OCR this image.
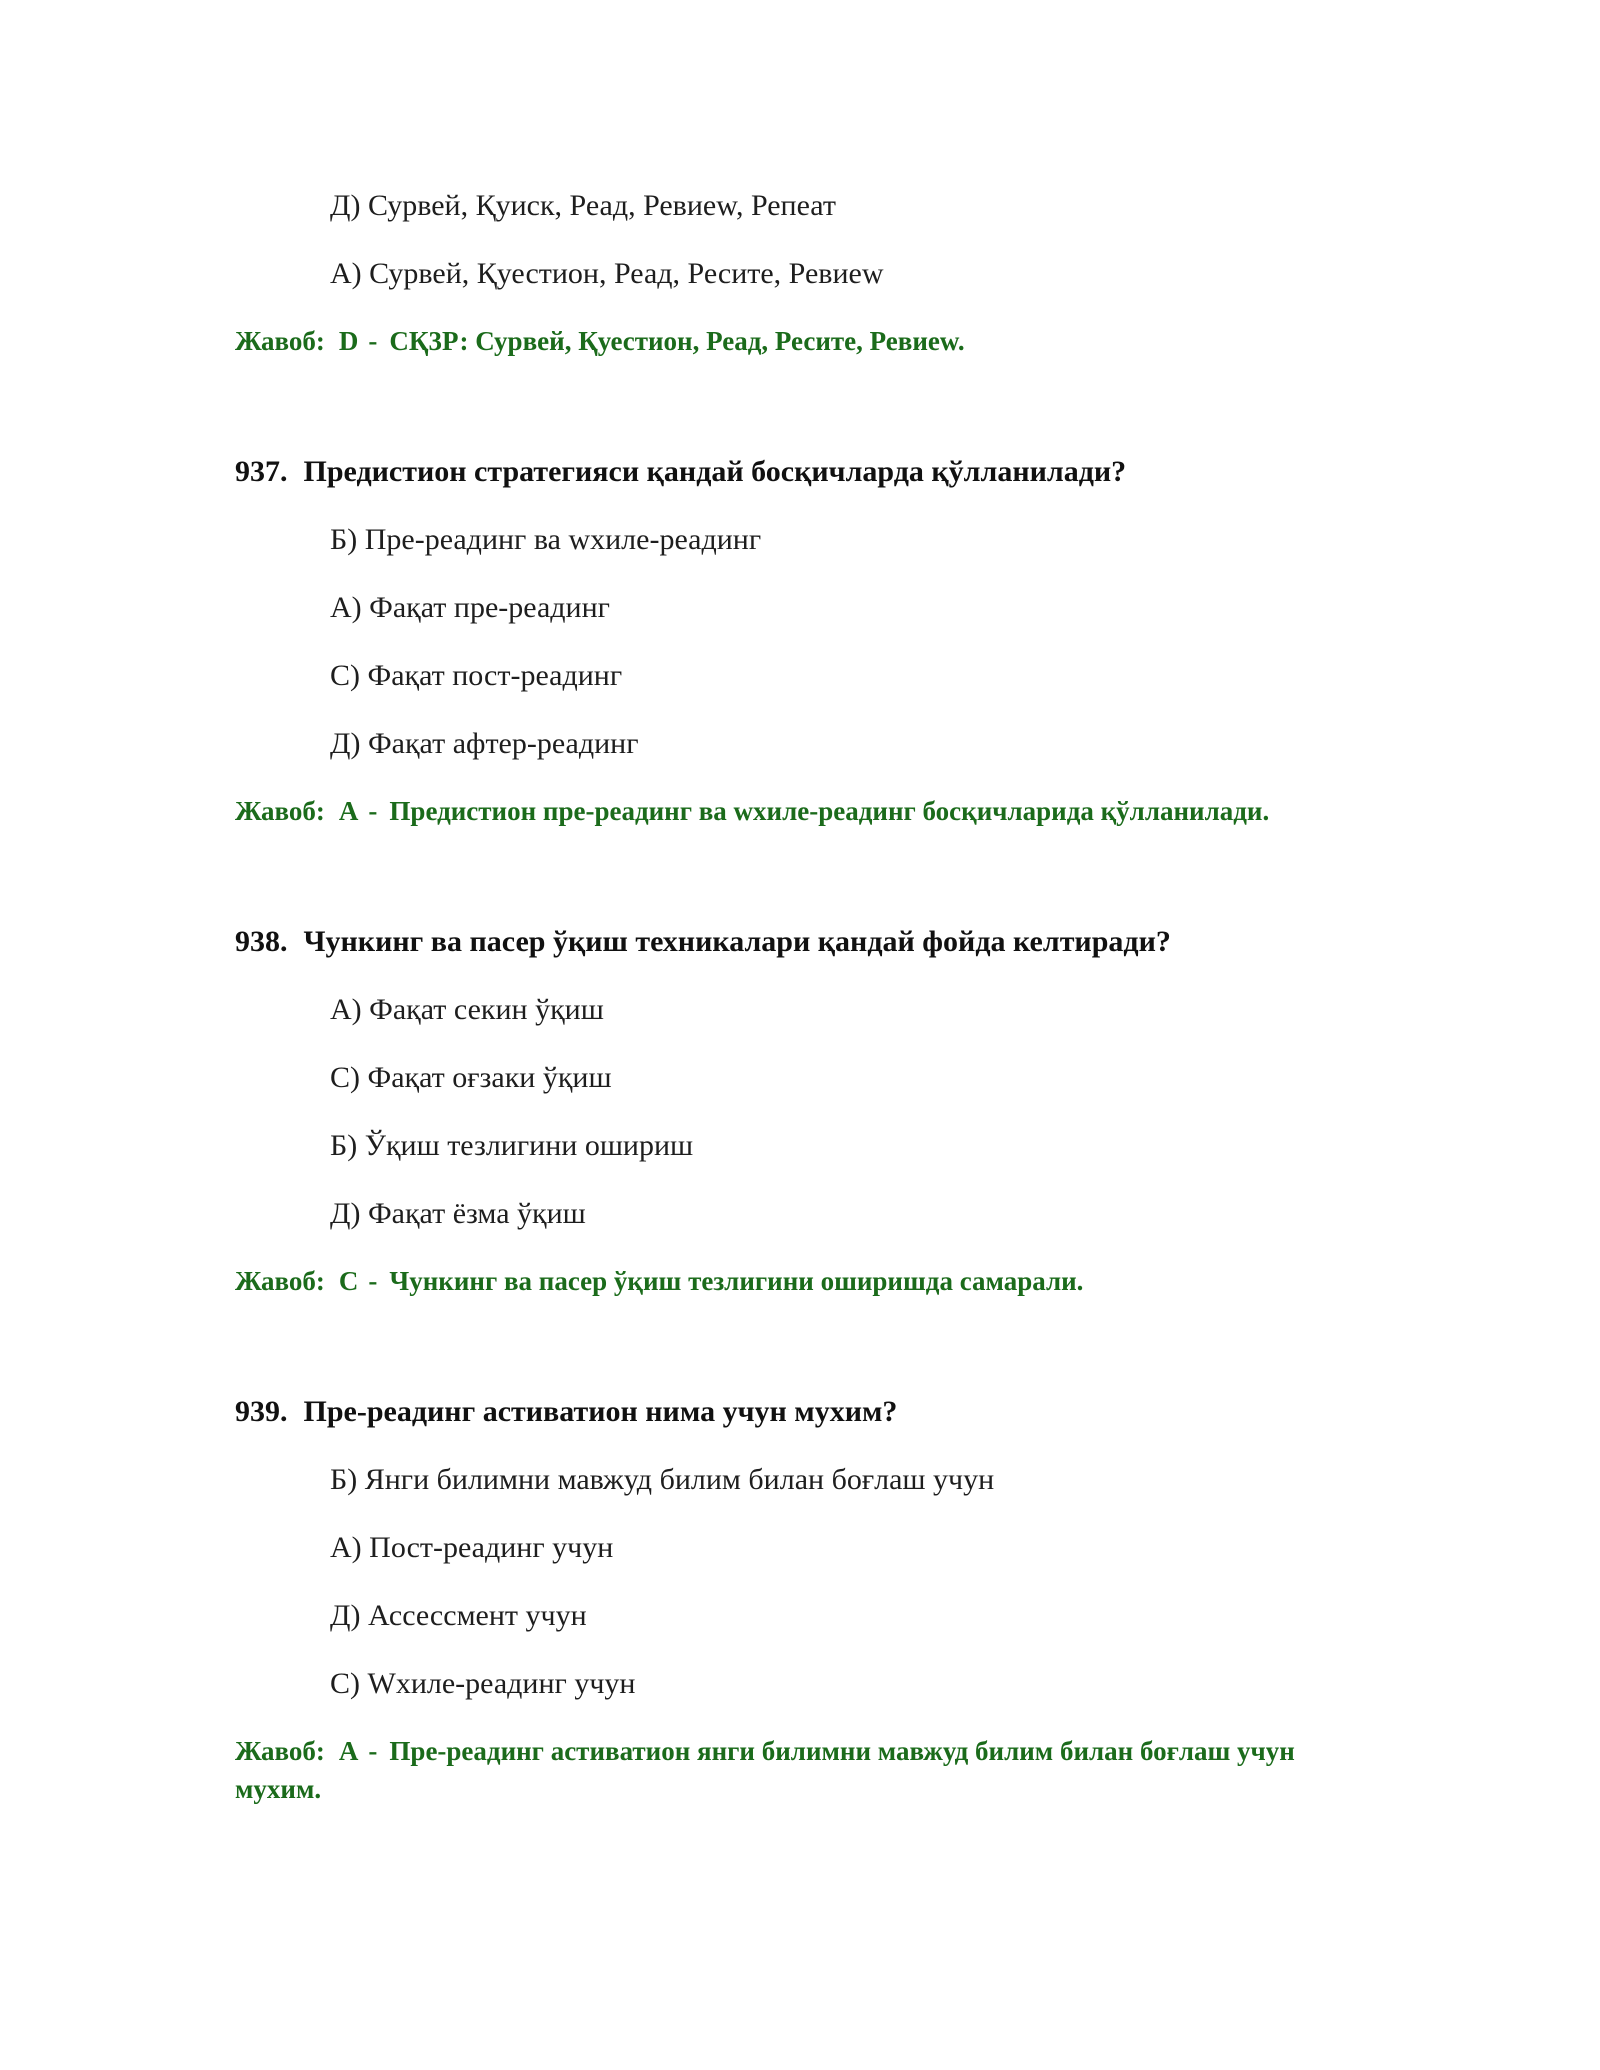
Д) Сурвей, Қуиск, Реад, Ревиеw, Репеат
А) Сурвей, Қуестион, Реад, Ресите, Ревиеw
Жавоб: D - СҚ3Р: Сурвей, Қуестион, Реад, Ресите, Ревиеw.
937. Предистион стратегияси қандай босқичларда қўлланилади?
Б) Пре-реадинг ва wхиле-реадинг
А) Фақат пре-реадинг
С) Фақат пост-реадинг
Д) Фақат афтер-реадинг
Жавоб: A - Предистион пре-реадинг ва wхиле-реадинг босқичларида қўлланилади.
938. Чункинг ва пасер ўқиш техникалари қандай фойда келтиради?
А) Фақат секин ўқиш
С) Фақат оғзаки ўқиш
Б) Ўқиш тезлигини ошириш
Д) Фақат ёзма ўқиш
Жавоб: C - Чункинг ва пасер ўқиш тезлигини оширишда самарали.
939. Пре-реадинг астиватион нима учун мухим?
Б) Янги билимни мавжуд билим билан боғлаш учун
А) Пост-реадинг учун
Д) Ассессмент учун
С) Wхиле-реадинг учун
Жавоб: A - Пре-реадинг астиватион янги билимни мавжуд билим билан боғлаш учун мухим.
